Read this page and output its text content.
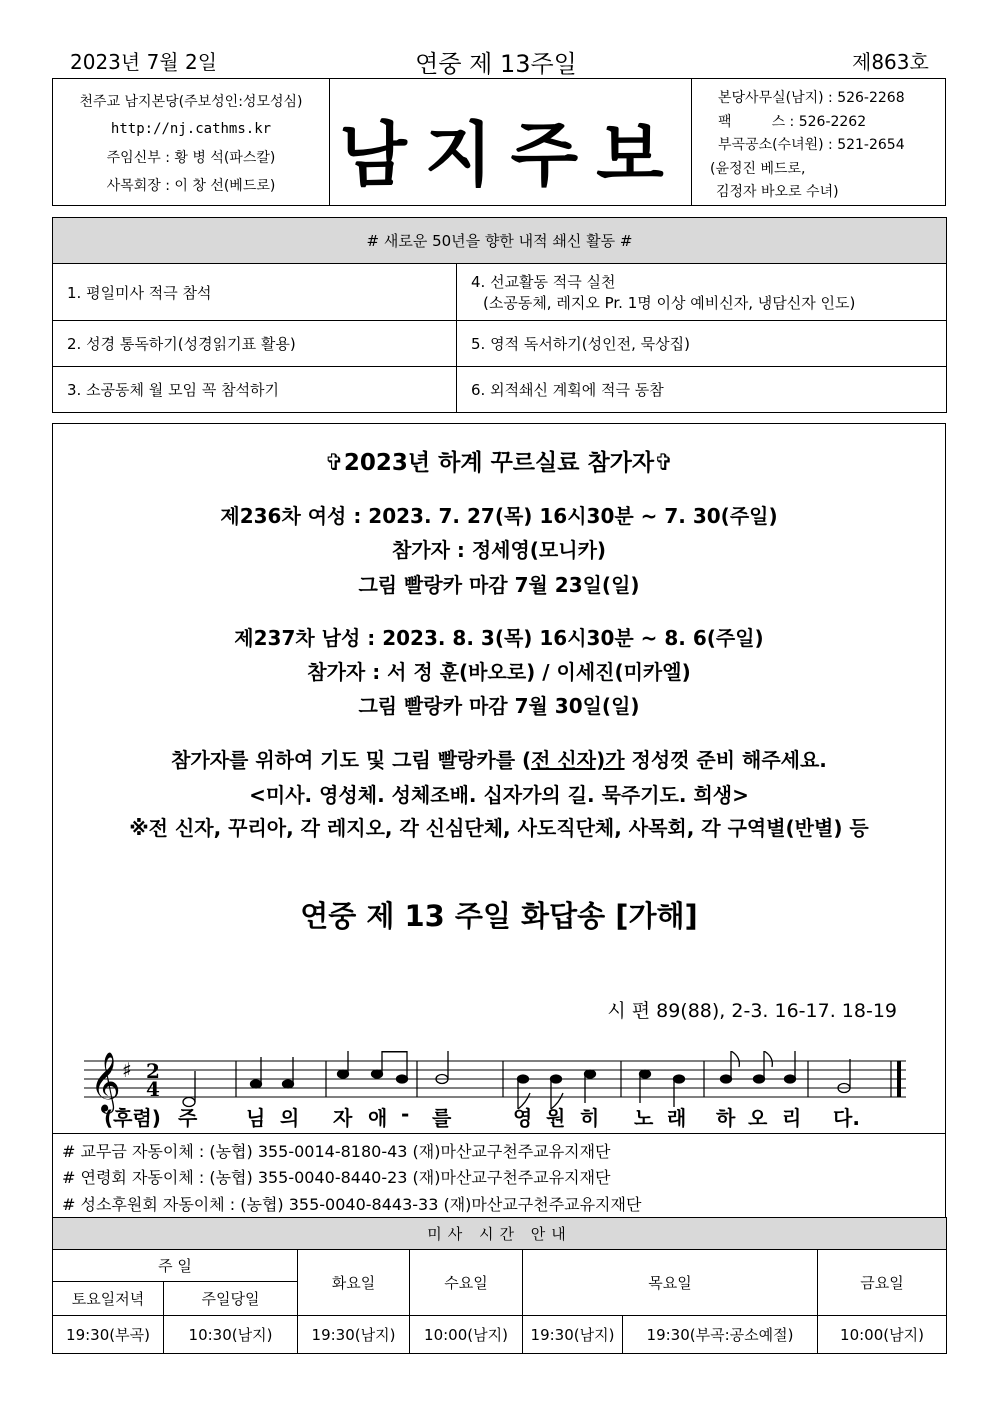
2023년 7월 2일	연중 제 13주일	제863호
천주교 남지본당(주보성인:성모성심)
http://nj.cathms.kr
주임신부 : 황 병 석(파스칼)
사목회장 : 이 창 선(베드로) 남지주보
본당사무실(남지) : 526-2268
팩         스 : 526-2262
부곡공소(수녀원) : 521-2654
(윤정진 베드로,
김정자 바오로 수녀)
# 새로운 50년을 향한 내적 쇄신 활동 #	
1. 평일미사 적극 참석	4. 선교활동 적극 실천
(소공동체, 레지오 Pr. 1명 이상 예비신자, 냉담신자 인도)

2. 성경 통독하기(성경읽기표 활용)	5. 영적 독서하기(성인전, 묵상집)
3. 소공동체 월 모임 꼭 참석하기	6. 외적쇄신 계획에 적극 동참
✞2023년 하계 꾸르실료 참가자✞
제236차 여성 : 2023. 7. 27(목) 16시30분 ~ 7. 30(주일)
참가자 : 정세영(모니카)
그림 빨랑카 마감 7월 23일(일)
제237차 남성 : 2023. 8. 3(목) 16시30분 ~ 8. 6(주일)
참가자 : 서 정 훈(바오로) / 이세진(미카엘)
그림 빨랑카 마감 7월 30일(일)
참가자를 위하여 기도 및 그림 빨랑카를 (전 신자)가 정성껏 준비 해주세요.
<미사. 영성체. 성체조배. 십자가의 길. 묵주기도. 희생>
※전 신자, 꾸리아, 각 레지오, 각 신심단체, 사도직단체, 사목회, 각 구역별(반별) 등
연중 제 13 주일 화답송 [가해]
시 편 89(88), 2-3. 16-17. 18-19
𝄞 ♯ 2
4
(후렴) 주 님 의 자 애 - 를	영 원 히 노 래 하 오 리 다.
# 교무금 자동이체 : (농협) 355-0014-8180-43 (재)마산교구천주교유지재단
# 연령회 자동이체 : (농협) 355-0040-8440-23 (재)마산교구천주교유지재단
# 성소후원회 자동이체 : (농협) 355-0040-8443-33 (재)마산교구천주교유지재단
미사 시간 안내						
주 일		화요일	수요일	목요일		금요일
토요일저녁	주일당일					
19:30(부곡)	10:30(남지)	19:30(남지)	10:00(남지)	19:30(남지)	19:30(부곡:공소예절)	10:00(남지)
